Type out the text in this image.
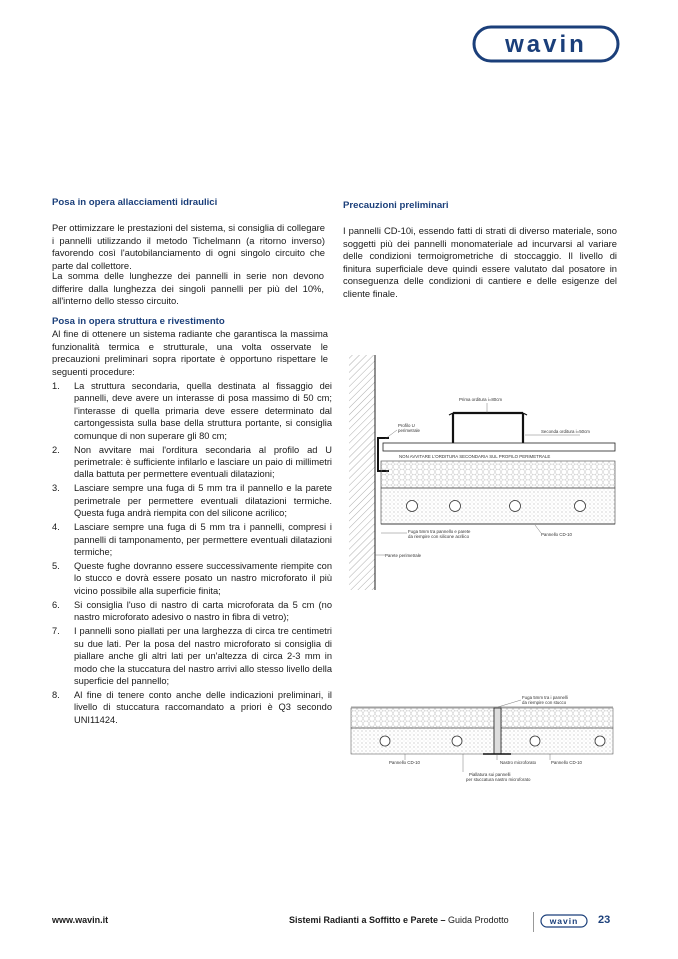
wavin
Posa in opera allacciamenti idraulici

Per ottimizzare le prestazioni del sistema, si consiglia di collegare i pannelli utilizzando il metodo Tichelmann (a ritorno inverso) favorendo così l'autobilanciamento di ogni singolo circuito che parte dal collettore.

La somma delle lunghezze dei pannelli in serie non devono differire dalla lunghezza dei singoli pannelli per più del 10%, all'interno dello stesso circuito.

Posa in opera struttura e rivestimento

Al fine di ottenere un sistema radiante che garantisca la massima funzionalità termica e strutturale, una volta osservate le precauzioni preliminari sopra riportate è opportuno rispettare le seguenti procedure:

1. La struttura secondaria, quella destinata al fissaggio dei pannelli, deve avere un interasse di posa massimo di 50 cm; l'interasse di quella primaria deve essere determinato dal cartongessista sulla base della struttura portante, si consiglia comunque di non superare gli 80 cm;
2. Non avvitare mai l'orditura secondaria al profilo ad U perimetrale: è sufficiente infilarlo e lasciare un paio di millimetri dalla battuta per permettere eventuali dilatazioni;
3. Lasciare sempre una fuga di 5 mm tra il pannello e la parete perimetrale per permettere eventuali dilatazioni termiche. Questa fuga andrà riempita con del silicone acrilico;
4. Lasciare sempre una fuga di 5 mm tra i pannelli, compresi i pannelli di tamponamento, per permettere eventuali dilatazioni termiche;
5. Queste fughe dovranno essere successivamente riempite con lo stucco e dovrà essere posato un nastro microforato il più vicino possibile alla superficie finita;
6. Si consiglia l'uso di nastro di carta microforata da 5 cm (no nastro microforato adesivo o nastro in fibra di vetro);
7. I pannelli sono piallati per una larghezza di circa tre centimetri su due lati. Per la posa del nastro microforato si consiglia di piallare anche gli altri lati per un'altezza di circa 2-3 mm in modo che la stuccatura del nastro arrivi allo stesso livello della superficie del pannello;
8. Al fine di tenere conto anche delle indicazioni preliminari, il livello di stuccatura raccomandato a priori è Q3 secondo UNI11424.
Precauzioni preliminari

I pannelli CD-10i, essendo fatti di strati di diverso materiale, sono soggetti più dei pannelli monomateriale ad incurvarsi al variare delle condizioni termoigrometriche di stoccaggio. Il livello di finitura superficiale deve quindi essere valutato dal posatore in conseguenza delle condizioni di cantiere e delle esigenze del cliente finale.

Prima orditura i=80cm
Profilo U
perimetrale	Seconda orditura i=50cm
NON AVVITARE L'ORDITURA SECONDARIA SUL PROFILO PERIMETRALE
Fuga 5mm tra pannello e parete
da riempire con silicone acrilico	Pannello CD-10
Parete perimetrale
Fuga 5mm tra i pannelli
da riempire con stucco
Pannello CD-10	Pannello CD-10
Nastro microforato
Piallatura sui pannelli
per stuccatura nastro microforato
www.wavin.it	Sistemi Radianti a Soffitto e Parete – Guida Prodotto	wavin 23
